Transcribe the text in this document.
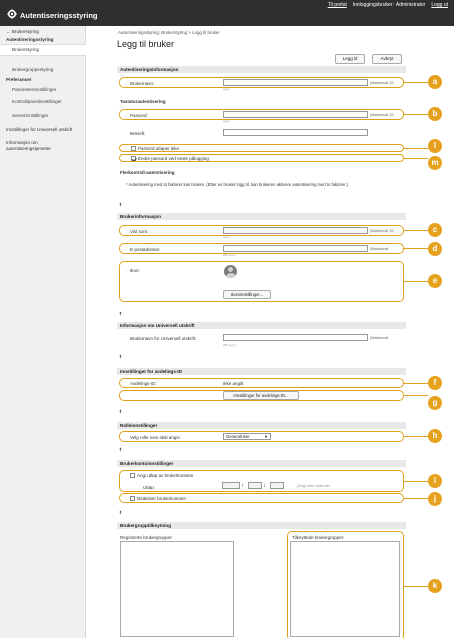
Autentiseringsstyring
Til portal Innloggingsbruker: Administrator Logg ut
← Brukerstyring
Autentiseringsstyring
Brukerstyring
Brukergruppestyring
Preferanser
Parameterinnstillinger
Kontrollpanelinnstillinger
Serverinnstillinger
Innstillinger for Universell utskrift
Informasjon om
autentiseringstjeneste
Autentiseringsstyring: Brukerstyring > Legg til bruker
Legg til bruker
Legg til	Avbryt
Autentiseringsinformasjon
Brukernavn:	(Maksimalt 32
tegn)
Tastaturautentisering
Passord:	(Maksimalt 32
tegn)
Bekreft:
Passord utløper ikke
Endre passord ved neste pålogging
Flerkontroll-autentisering
* Autentisering med to faktorer kan brukes. (Etter en bruker logg til, kan brukeren aktivere autentisering med to faktorer.)
⯭
Brukerinformasjon
Vist som:	(Maksimalt 32
tegn)
E-postadresse:	(Maksimalt
256 tegn)
Ikon:
Ikoninnstillinger...
⯭
Informasjon om Universell utskrift
Brukernavn for Universell utskrift:	(Maksimalt
256 tegn)
⯭
Innstillinger for avdelings-ID
Avdelings-ID:	Ikke angitt
Innstillinger for avdelings-ID...
⯭
Rolleinnstillinger
Velg rolle som skal angis:	GeneralUser	▼
⯭
Brukerkontoinnstillinger
Angi utløp av brukerkontoen
Utløp:	/	/	(Angi etter kalender
Deaktiver brukerkontoen
⯭
Brukergrupptilknytning
Registrerte brukergrupper:	Tilknyttede brukergrupper:
a
b
l
m
c
d
e
f
g
h
i
j
k
